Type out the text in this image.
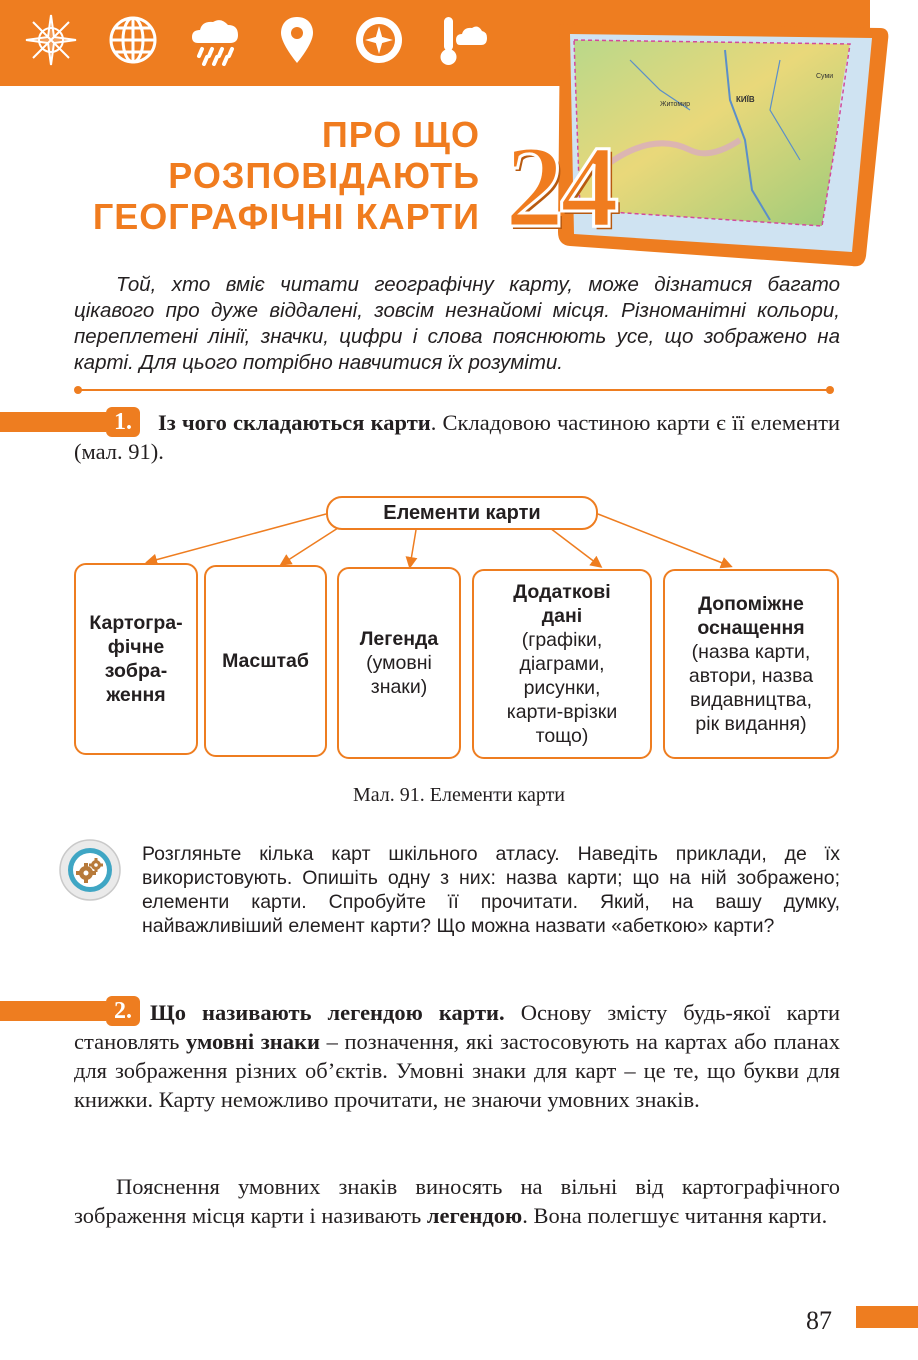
КИЇВ
Суми
Житомир
ПРО ЩО
РОЗПОВІДАЮТЬ
ГЕОГРАФІЧНІ КАРТИ 24
Той, хто вміє читати географічну карту, може дізнатися багато цікавого про дуже віддалені, зовсім незнайомі місця. Різноманітні кольори, переплетені лінії, значки, цифри і слова пояснюють усе, що зображено на карті. Для цього потрібно навчитися їх розуміти.
1.	Із чого складаються карти. Складовою частиною карти є її елементи (мал. 91).
Елементи карти
Картогра-
фічне
зобра-
ження
Масштаб
Легенда
(умовні
знаки)
Додаткові
дані
(графіки,
діаграми,
рисунки,
карти-врізки
тощо)
Допоміжне
оснащення
(назва карти,
автори, назва
видавництва,
рік видання)
Мал. 91. Елементи карти
Розгляньте кілька карт шкільного атласу. Наведіть приклади, де їх використовують. Опишіть одну з них: назва карти; що на ній зображено; елементи карти. Спробуйте її прочитати. Який, на вашу думку, найважливіший елемент карти? Що можна назвати «абеткою» карти?
2. Що називають легендою карти. Основу змісту будь-якої карти становлять умовні знаки – позначення, які застосовують на картах або планах для зображення різних об’єктів. Умовні знаки для карт – це те, що букви для книжки. Карту неможливо прочитати, не знаючи умовних знаків.
Пояснення умовних знаків виносять на вільні від картографічного зображення місця карти і називають легендою. Вона полегшує читання карти.
87
